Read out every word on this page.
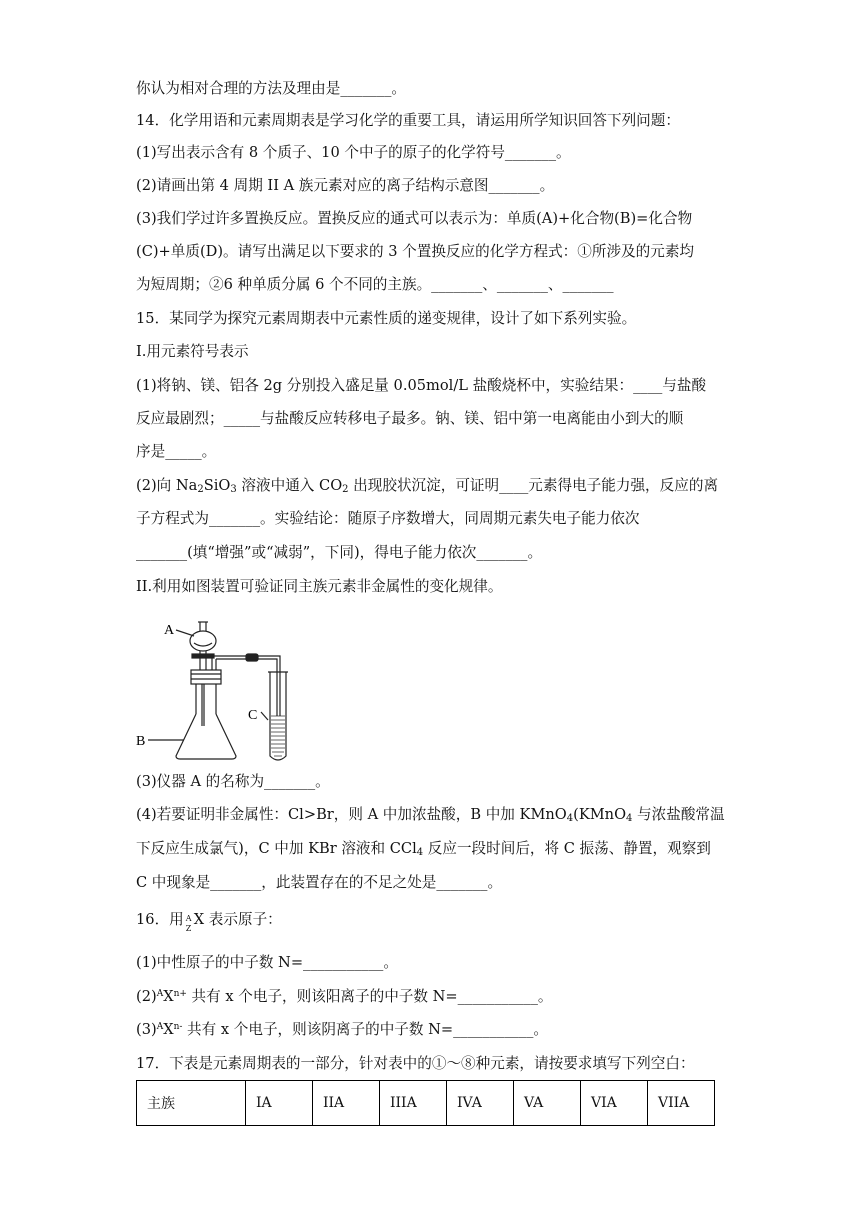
你认为相对合理的方法及理由是_______。
14．化学用语和元素周期表是学习化学的重要工具，请运用所学知识回答下列问题：
(1)写出表示含有 8 个质子、10 个中子的原子的化学符号_______。
(2)请画出第 4 周期 II A 族元素对应的离子结构示意图_______。
(3)我们学过许多置换反应。置换反应的通式可以表示为：单质(A)+化合物(B)=化合物
(C)+单质(D)。请写出满足以下要求的 3 个置换反应的化学方程式：①所涉及的元素均
为短周期；②6 种单质分属 6 个不同的主族。_______、_______、_______
15．某同学为探究元素周期表中元素性质的递变规律，设计了如下系列实验。
I.用元素符号表示
(1)将钠、镁、铝各 2g 分别投入盛足量 0.05mol/L 盐酸烧杯中，实验结果：____与盐酸
反应最剧烈；_____与盐酸反应转移电子最多。钠、镁、铝中第一电离能由小到大的顺
序是_____。
(2)向 $Na_2SiO_3$ 溶液中通入 $CO_2$ 出现胶状沉淀，可证明____元素得电子能力强，反应的离
子方程式为_______。实验结论：随原子序数增大，同周期元素失电子能力依次
_______(填“增强”或“减弱”，下同)，得电子能力依次_______。
II.利用如图装置可验证同主族元素非金属性的变化规律。
A
B
C
(3)仪器 A 的名称为_______。
(4)若要证明非金属性：Cl>Br，则 A 中加浓盐酸，B 中加 KMnO$_4$(KMnO$_4$ 与浓盐酸常温
下反应生成氯气)，C 中加 KBr 溶液和 CCl$_4$ 反应一段时间后，将 C 振荡、静置，观察到
C 中现象是_______，此装置存在的不足之处是_______。
16．用 A
Z
X 表示原子：
(1)中性原子的中子数 N=___________。
$(2)^AX^{n+}$ 共有 x 个电子，则该阳离子的中子数 N=___________。
$(3)^AX^{n-}$ 共有 x 个电子，则该阴离子的中子数 N=___________。
17．下表是元素周期表的一部分，针对表中的①～⑧种元素，请按要求填写下列空白：
主族	IA	IIA	IIIA	IVA	VA	VIA	VIIA
